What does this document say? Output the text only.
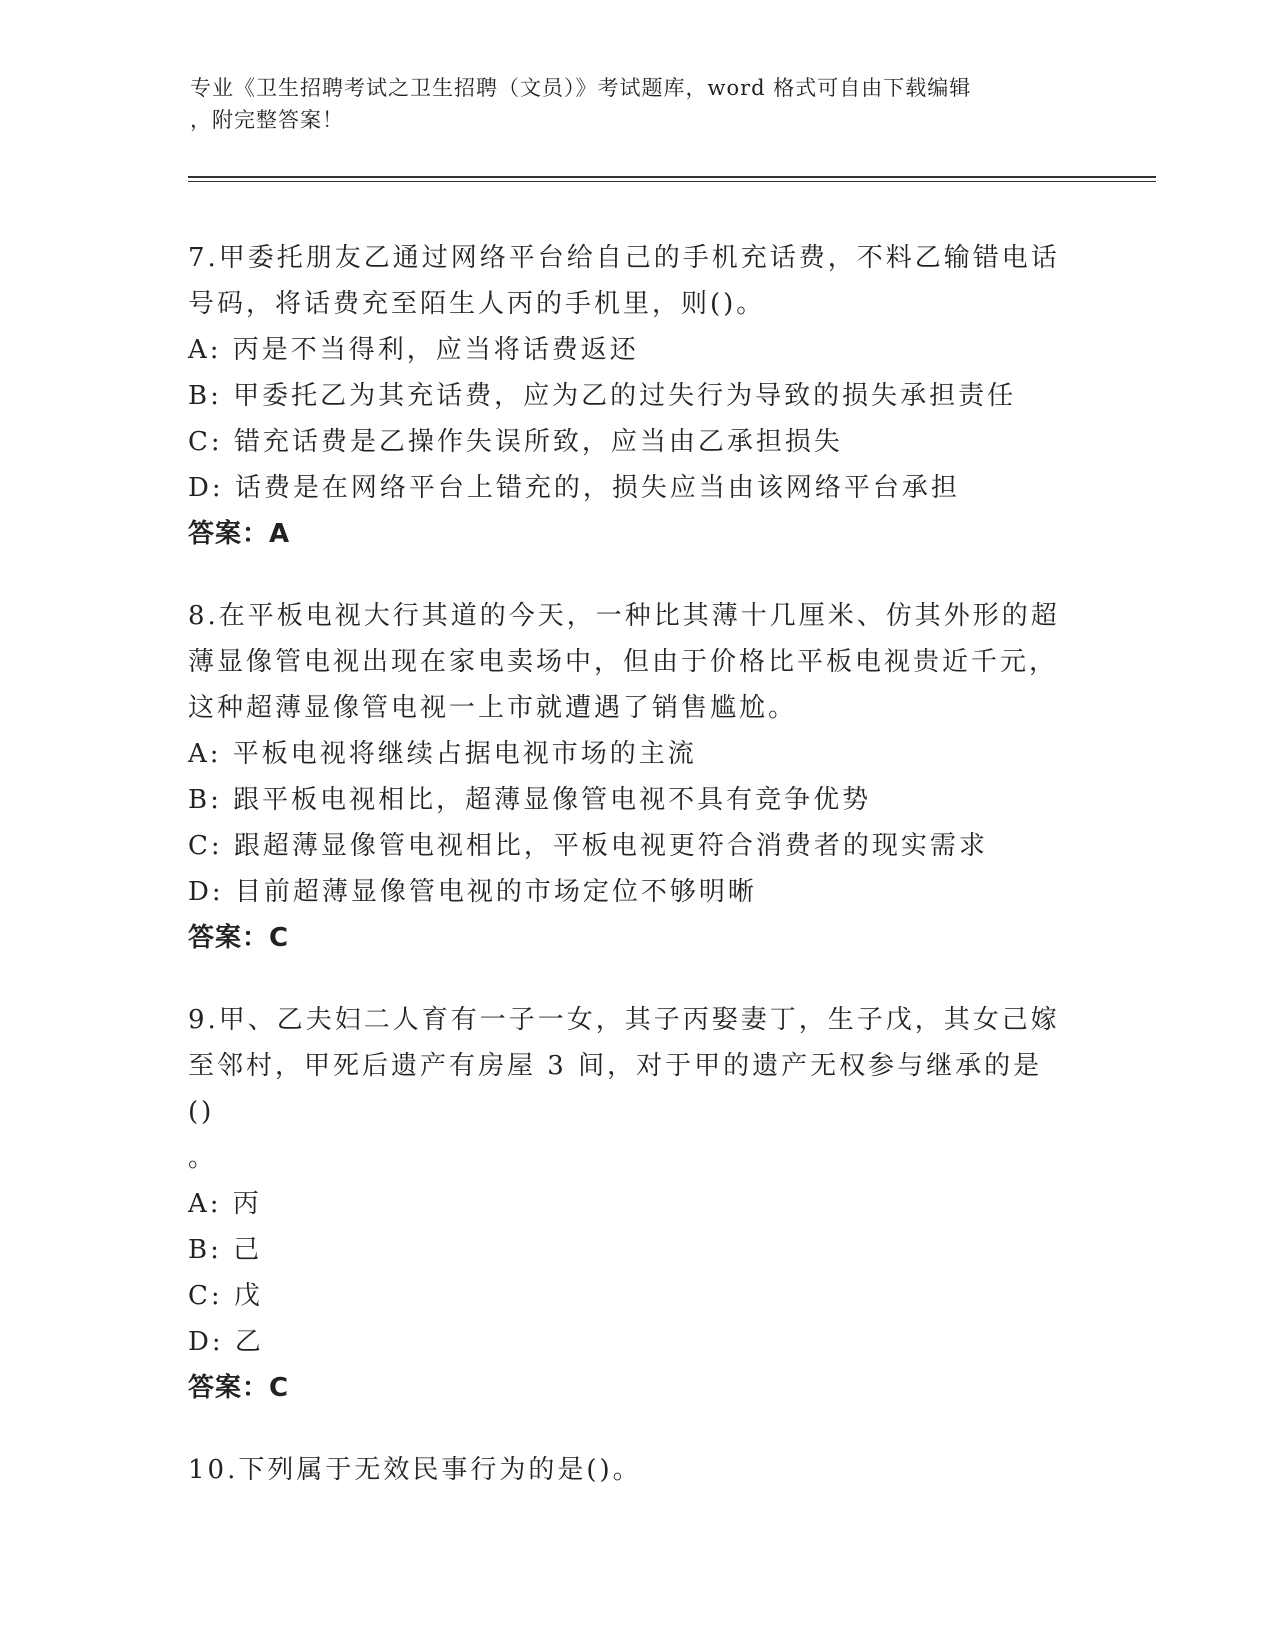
专业《卫生招聘考试之卫生招聘（文员）》考试题库，word 格式可自由下载编辑
，附完整答案！
7.甲委托朋友乙通过网络平台给自己的手机充话费，不料乙输错电话
号码，将话费充至陌生人丙的手机里，则()。
A: 丙是不当得利，应当将话费返还
B: 甲委托乙为其充话费，应为乙的过失行为导致的损失承担责任
C: 错充话费是乙操作失误所致，应当由乙承担损失
D: 话费是在网络平台上错充的，损失应当由该网络平台承担
答案：A
8.在平板电视大行其道的今天，一种比其薄十几厘米、仿其外形的超
薄显像管电视出现在家电卖场中，但由于价格比平板电视贵近千元，
这种超薄显像管电视一上市就遭遇了销售尴尬。
A: 平板电视将继续占据电视市场的主流
B: 跟平板电视相比，超薄显像管电视不具有竞争优势
C: 跟超薄显像管电视相比，平板电视更符合消费者的现实需求
D: 目前超薄显像管电视的市场定位不够明晰
答案：C
9.甲、乙夫妇二人育有一子一女，其子丙娶妻丁，生子戊，其女己嫁
至邻村，甲死后遗产有房屋 3 间，对于甲的遗产无权参与继承的是()
。
A: 丙
B: 己
C: 戊
D: 乙
答案：C
10.下列属于无效民事行为的是()。
